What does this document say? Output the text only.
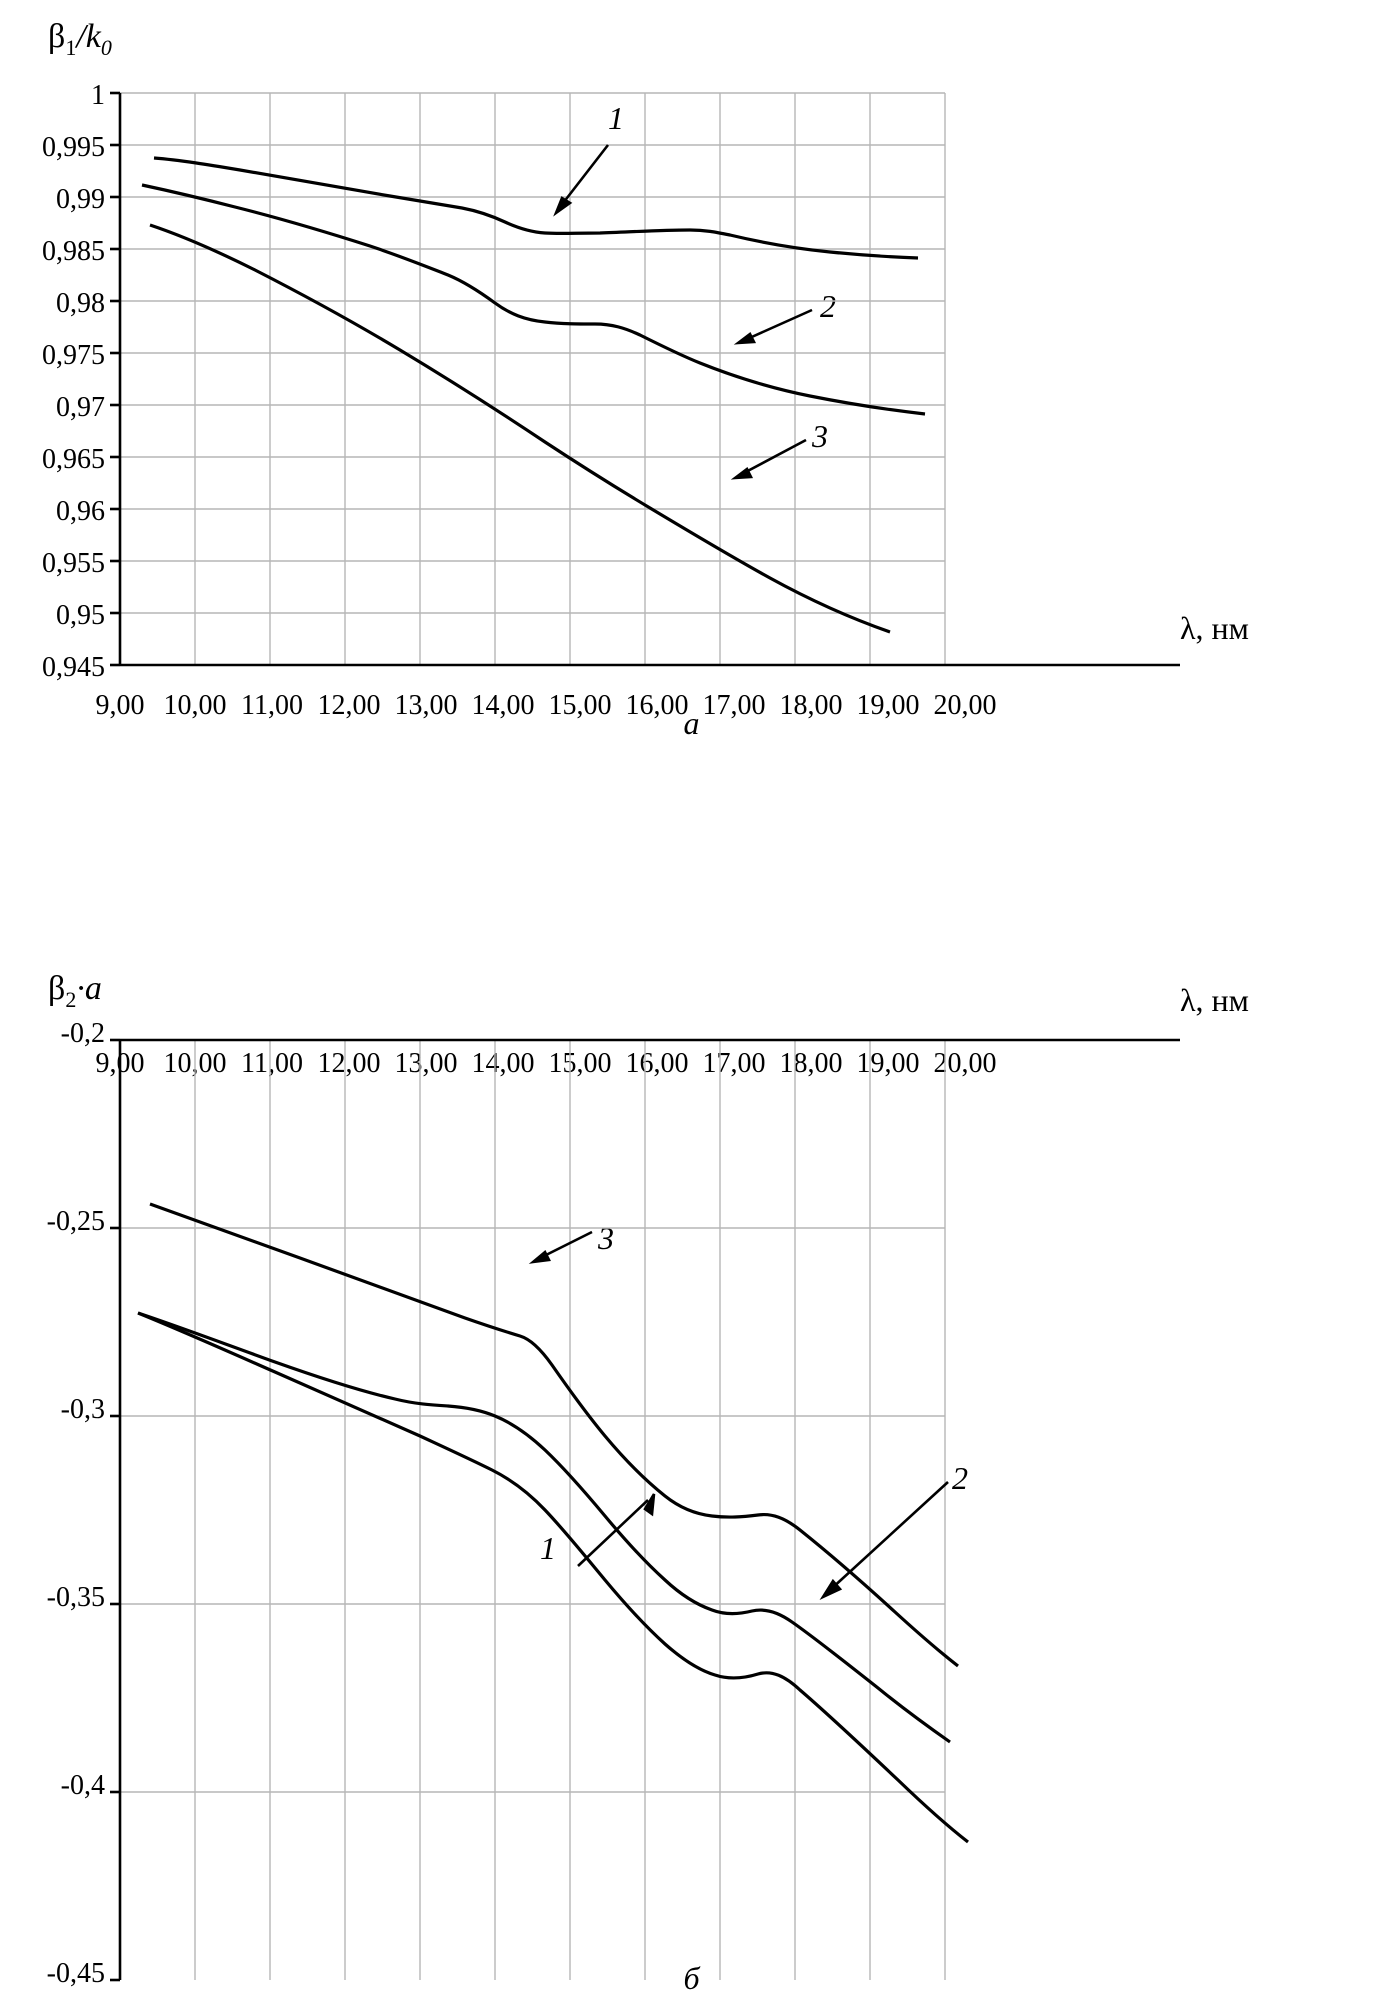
$\beta_1/k_0$
1
0,995
0,99
0,985
0,98
0,975
0,97
0,965
0,96
0,955
0,95
0,945
9,00 10,00 11,00 12,00 13,00 14,00 15,00 16,00 17,00 18,00 19,00 20,00
λ, нм
1
2
3
а
$\beta_2\cdot a$	λ, нм
-0,2
-0,25
-0,3
-0,35
-0,4
-0,45
9,00 10,00 11,00 12,00 13,00 14,00 15,00 16,00 17,00 18,00 19,00 20,00
3
2
1
б
